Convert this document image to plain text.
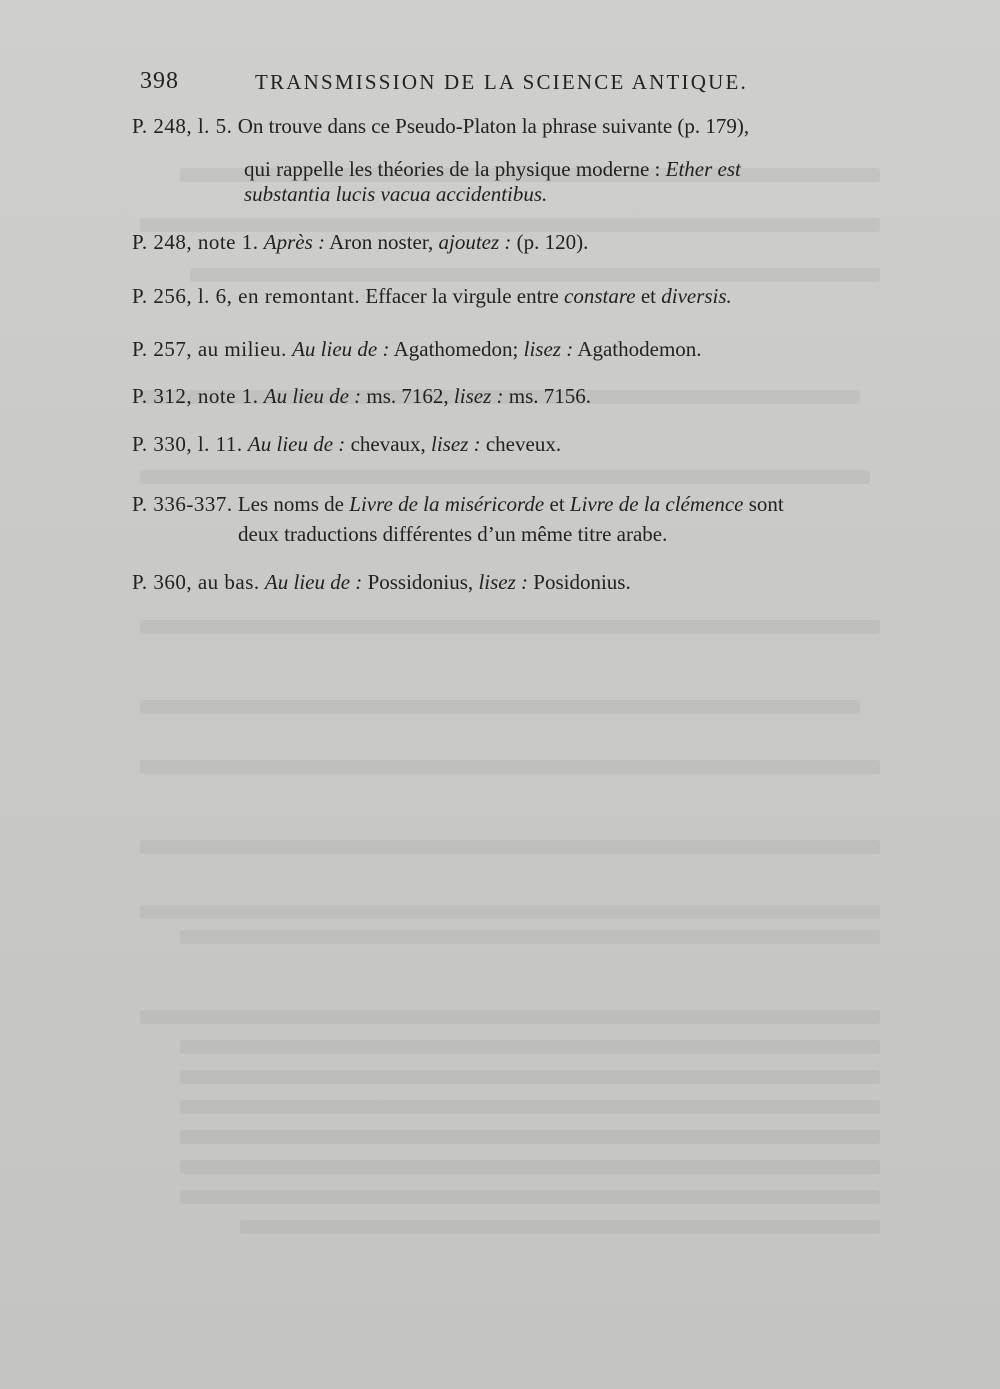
398	TRANSMISSION DE LA SCIENCE ANTIQUE.
P. 248, l. 5. On trouve dans ce Pseudo-Platon la phrase suivante (p. 179),
qui rappelle les théories de la physique moderne : Ether est
substantia lucis vacua accidentibus.
P. 248, note 1. Après : Aron noster, ajoutez : (p. 120).
P. 256, l. 6, en remontant. Effacer la virgule entre constare et diversis.
P. 257, au milieu. Au lieu de : Agathomedon; lisez : Agathodemon.
P. 312, note 1. Au lieu de : ms. 7162, lisez : ms. 7156.
P. 330, l. 11. Au lieu de : chevaux, lisez : cheveux.
P. 336-337. Les noms de Livre de la miséricorde et Livre de la clémence sont
deux traductions différentes d’un même titre arabe.
P. 360, au bas. Au lieu de : Possidonius, lisez : Posidonius.
